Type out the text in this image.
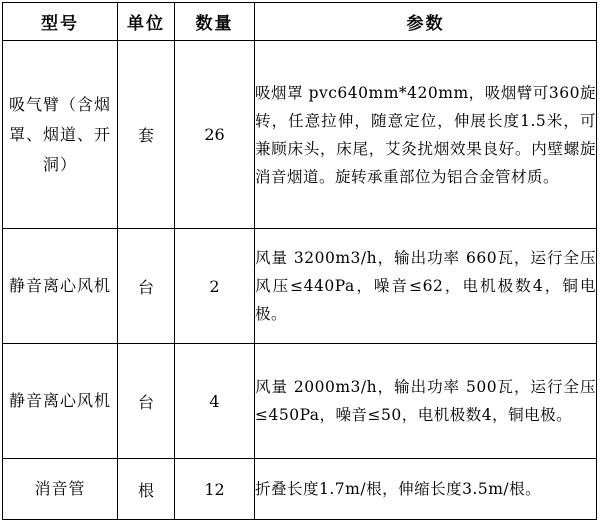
型号	单位	数量	参数
吸气臂（含烟罩、烟道、开洞）	套	26	吸烟罩 pvc640mm*420mm，吸烟臂可360旋转，任意拉伸，随意定位，伸展长度1.5米，可兼顾床头，床尾，艾灸扰烟效果良好。内壁螺旋消音烟道。旋转承重部位为铝合金管材质。
静音离心风机	台	2	风量 3200m3/h，输出功率 660瓦，运行全压风压≤440Pa，噪音≤62，电机极数4，铜电极。
静音离心风机	台	4	风量 2000m3/h，输出功率 500瓦，运行全压≤450Pa，噪音≤50，电机极数4，铜电极。
消音管	根	12	折叠长度1.7m/根，伸缩长度3.5m/根。
